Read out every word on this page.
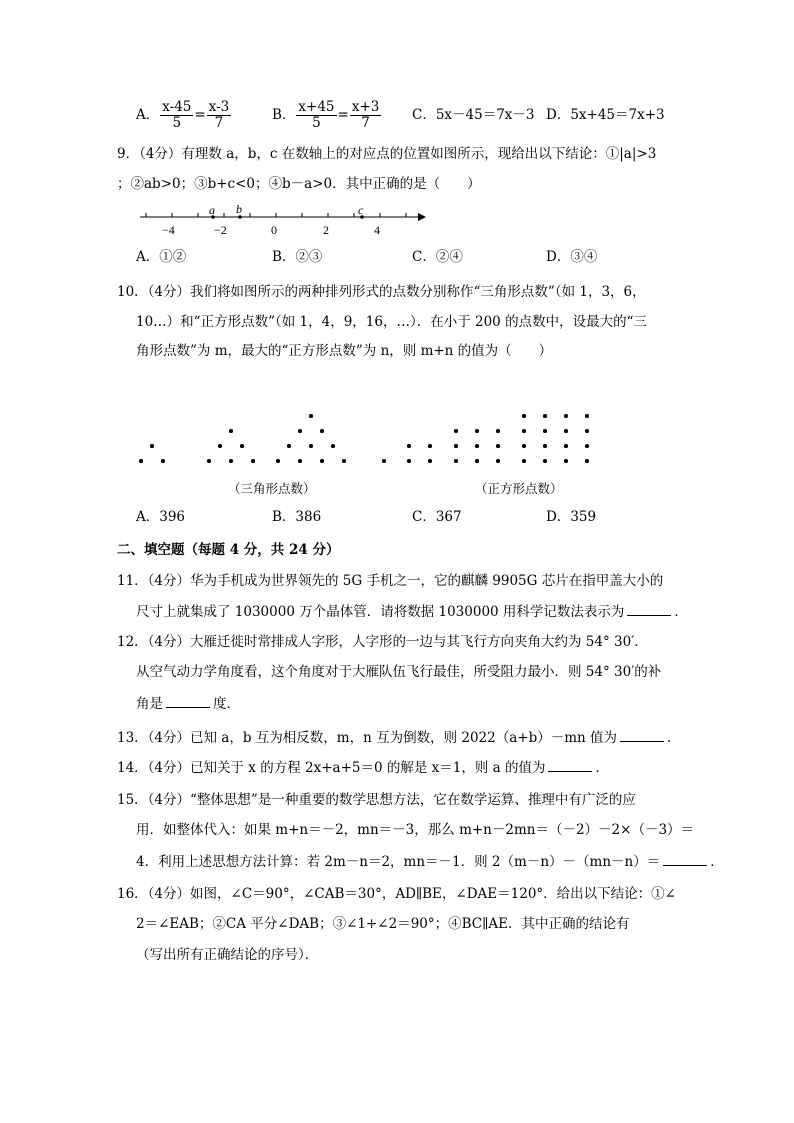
A． $\frac{x-45}{5} = \frac{x-3}{7}$	B． $\frac{x+45}{5} = \frac{x+3}{7}$ C．5x－45＝7x－3 D．5x+45＝7x+3
9．（4分）有理数 a，b，c 在数轴上的对应点的位置如图所示，现给出以下结论：①|a|>3
；②ab>0；③b+c<0；④b－a>0．其中正确的是（　　）
a b	c
−4	−2	0	2	4
A．①②	B．②③	C．②④	D．③④
10．（4分）我们将如图所示的两种排列形式的点数分别称作“三角形点数”（如 1，3，6，
10…）和“正方形点数”（如 1，4，9，16，…）．在小于 200 的点数中，设最大的“三
角形点数”为 m，最大的“正方形点数”为 n，则 m+n 的值为（　　）
（三角形点数）	（正方形点数）
A．396	B．386	C．367	D．359
二、填空题（每题 4 分，共 24 分）
11．（4分）华为手机成为世界领先的 5G 手机之一，它的麒麟 9905G 芯片在指甲盖大小的
尺寸上就集成了 1030000 万个晶体管．请将数据 1030000 用科学记数法表示为	．
12．（4分）大雁迁徙时常排成人字形，人字形的一边与其飞行方向夹角大约为 54° 30′．
从空气动力学角度看，这个角度对于大雁队伍飞行最佳，所受阻力最小．则 54° 30′的补
角是	度．
13．（4分）已知 a，b 互为相反数，m，n 互为倒数，则 2022（a+b）－mn 值为	．
14．（4分）已知关于 x 的方程 2x+a+5＝0 的解是 x＝1，则 a 的值为	．
15．（4分）“整体思想”是一种重要的数学思想方法，它在数学运算、推理中有广泛的应
用．如整体代入：如果 m+n＝－2，mn＝－3，那么 m+n－2mn＝（－2）－2×（－3）＝
4．利用上述思想方法计算：若 2m－n＝2，mn＝－1．则 2（m－n）－（mn－n）＝	．
16．（4分）如图，∠C＝90°，∠CAB＝30°，AD∥BE，∠DAE＝120°．给出以下结论：①∠
2＝∠EAB；②CA 平分∠DAB；③∠1+∠2＝90°；④BC∥AE．其中正确的结论有
（写出所有正确结论的序号）．
